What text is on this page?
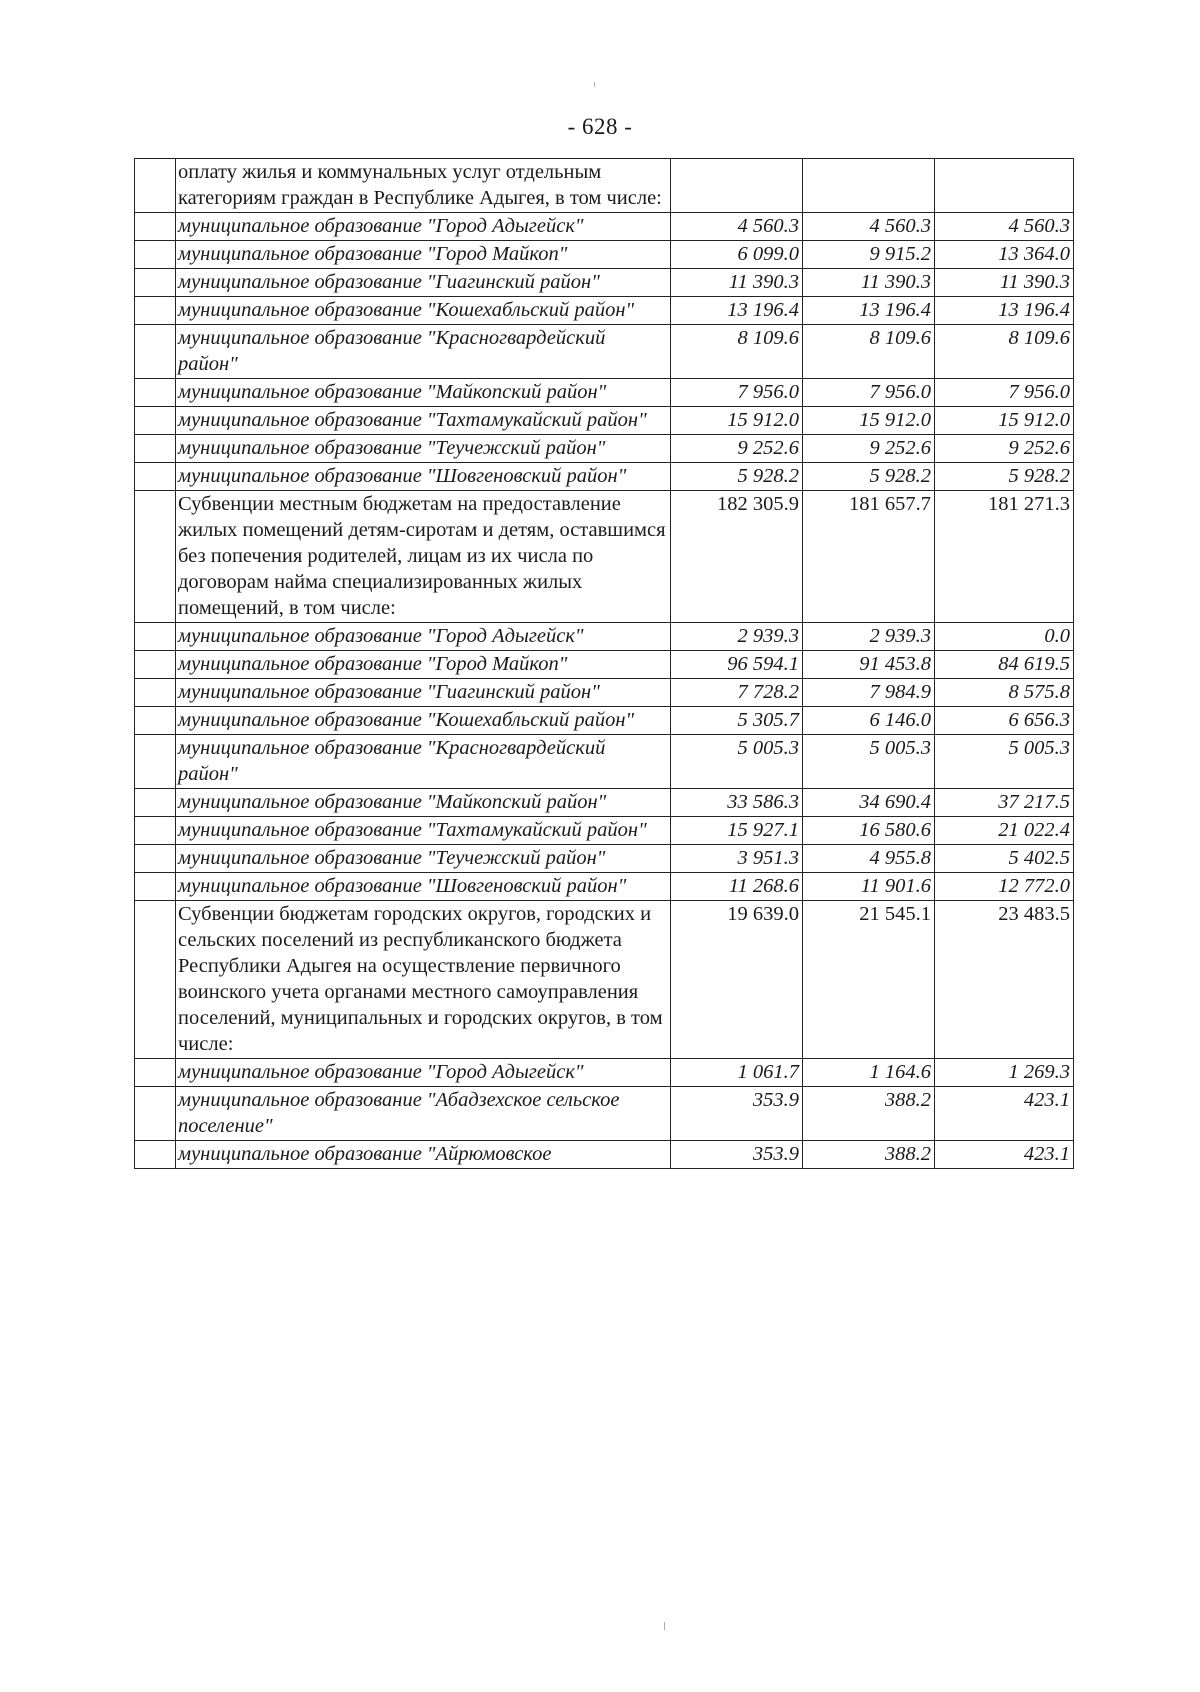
- 628 -
	оплату жилья и коммунальных услуг отдельным категориям граждан в Республике Адыгея, в том числе:			
	муниципальное образование "Город Адыгейск"	4 560.3	4 560.3	4 560.3
	муниципальное образование "Город Майкоп"	6 099.0	9 915.2	13 364.0
	муниципальное образование "Гиагинский район"	11 390.3	11 390.3	11 390.3
	муниципальное образование "Кошехабльский район"	13 196.4	13 196.4	13 196.4
	муниципальное образование "Красногвардейский район"	8 109.6	8 109.6	8 109.6
	муниципальное образование "Майкопский район"	7 956.0	7 956.0	7 956.0
	муниципальное образование "Тахтамукайский район"	15 912.0	15 912.0	15 912.0
	муниципальное образование "Теучежский район"	9 252.6	9 252.6	9 252.6
	муниципальное образование "Шовгеновский район"	5 928.2	5 928.2	5 928.2
	Субвенции местным бюджетам на предоставление жилых помещений детям-сиротам и детям, оставшимся без попечения родителей, лицам из их числа по договорам найма специализированных жилых помещений, в том числе:	182 305.9	181 657.7	181 271.3
	муниципальное образование "Город Адыгейск"	2 939.3	2 939.3	0.0
	муниципальное образование "Город Майкоп"	96 594.1	91 453.8	84 619.5
	муниципальное образование "Гиагинский район"	7 728.2	7 984.9	8 575.8
	муниципальное образование "Кошехабльский район"	5 305.7	6 146.0	6 656.3
	муниципальное образование "Красногвардейский район"	5 005.3	5 005.3	5 005.3
	муниципальное образование "Майкопский район"	33 586.3	34 690.4	37 217.5
	муниципальное образование "Тахтамукайский район"	15 927.1	16 580.6	21 022.4
	муниципальное образование "Теучежский район"	3 951.3	4 955.8	5 402.5
	муниципальное образование "Шовгеновский район"	11 268.6	11 901.6	12 772.0
	Субвенции бюджетам городских округов, городских и сельских поселений из республиканского бюджета Республики Адыгея на осуществление первичного воинского учета органами местного самоуправления поселений, муниципальных и городских округов, в том числе:	19 639.0	21 545.1	23 483.5
	муниципальное образование "Город Адыгейск"	1 061.7	1 164.6	1 269.3
	муниципальное образование "Абадзехское сельское поселение"	353.9	388.2	423.1
	муниципальное образование "Айрюмовское	353.9	388.2	423.1
